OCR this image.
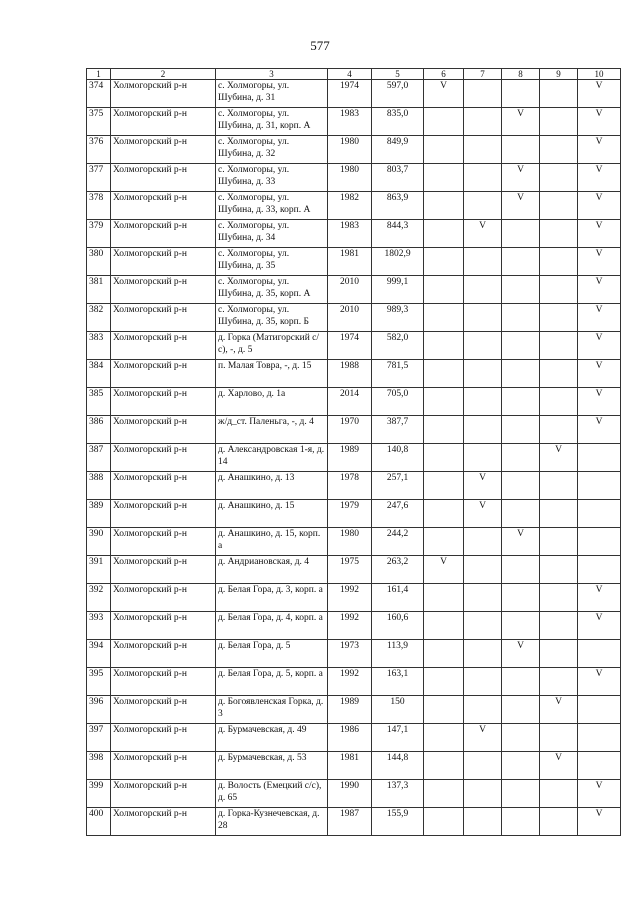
577
1	2	3	4	5	6	7	8	9	10
374	Холмогорский р-н	с. Холмогоры, ул. Шубина, д. 31	1974	597,0	V				V
375	Холмогорский р-н	с. Холмогоры, ул. Шубина, д. 31, корп. А	1983	835,0			V		V
376	Холмогорский р-н	с. Холмогоры, ул. Шубина, д. 32	1980	849,9					V
377	Холмогорский р-н	с. Холмогоры, ул. Шубина, д. 33	1980	803,7			V		V
378	Холмогорский р-н	с. Холмогоры, ул. Шубина, д. 33, корп. А	1982	863,9			V		V
379	Холмогорский р-н	с. Холмогоры, ул. Шубина, д. 34	1983	844,3		V			V
380	Холмогорский р-н	с. Холмогоры, ул. Шубина, д. 35	1981	1802,9					V
381	Холмогорский р-н	с. Холмогоры, ул. Шубина, д. 35, корп. А	2010	999,1					V
382	Холмогорский р-н	с. Холмогоры, ул. Шубина, д. 35, корп. Б	2010	989,3					V
383	Холмогорский р-н	д. Горка (Матигорский с/с), -, д. 5	1974	582,0					V
384	Холмогорский р-н	п. Малая Товра, -, д. 15	1988	781,5					V
385	Холмогорский р-н	д. Харлово, д. 1а	2014	705,0					V
386	Холмогорский р-н	ж/д_ст. Паленьга, -, д. 4	1970	387,7					V
387	Холмогорский р-н	д. Александровская 1-я, д. 14	1989	140,8				V	
388	Холмогорский р-н	д. Анашкино, д. 13	1978	257,1		V			
389	Холмогорский р-н	д. Анашкино, д. 15	1979	247,6		V			
390	Холмогорский р-н	д. Анашкино, д. 15, корп. а	1980	244,2			V		
391	Холмогорский р-н	д. Андриановская, д. 4	1975	263,2	V				
392	Холмогорский р-н	д. Белая Гора, д. 3, корп. а	1992	161,4					V
393	Холмогорский р-н	д. Белая Гора, д. 4, корп. а	1992	160,6					V
394	Холмогорский р-н	д. Белая Гора, д. 5	1973	113,9			V		
395	Холмогорский р-н	д. Белая Гора, д. 5, корп. а	1992	163,1					V
396	Холмогорский р-н	д. Богоявленская Горка, д. 3	1989	150				V	
397	Холмогорский р-н	д. Бурмачевская, д. 49	1986	147,1		V			
398	Холмогорский р-н	д. Бурмачевская, д. 53	1981	144,8				V	
399	Холмогорский р-н	д. Волость (Емецкий с/с), д. 65	1990	137,3					V
400	Холмогорский р-н	д. Горка-Кузнечевская, д. 28	1987	155,9					V
